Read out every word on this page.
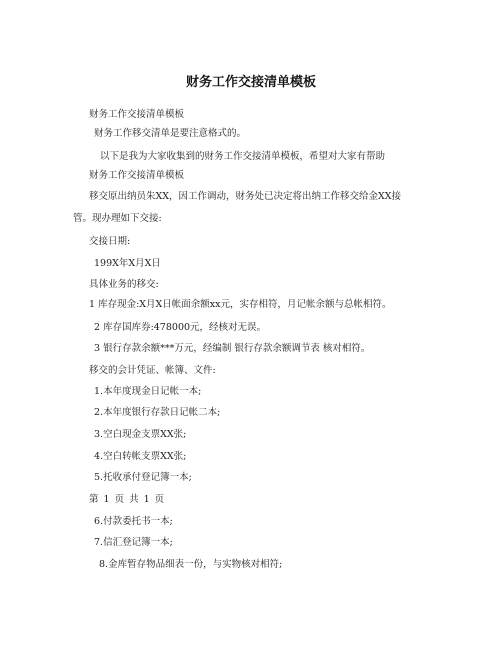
财务工作交接清单模板
财务工作交接清单模板
财务工作移交清单是要注意格式的。
以下是我为大家收集到的财务工作交接清单模板，希望对大家有帮助
财务工作交接清单模板
移交原出纳员朱XX，因工作调动，财务处已决定将出纳工作移交给金XX接
管。现办理如下交接:
交接日期:
199X年X月X日
具体业务的移交:
1 库存现金:X月X日帐面余额xx元，实存相符，月记帐余额与总帐相符。
2 库存国库券:478000元，经核对无误。
3 银行存款余额***万元，经编制 银行存款余额调节表 核对相符。
移交的会计凭证、帐簿、文件:
1.本年度现金日记帐一本;
2.本年度银行存款日记帐二本;
3.空白现金支票XX张;
4.空白转帐支票XX张;
5.托收承付登记簿一本;
第 1 页 共 1 页
6.付款委托书一本;
7.信汇登记簿一本;
8.金库暂存物品细表一份，与实物核对相符;
